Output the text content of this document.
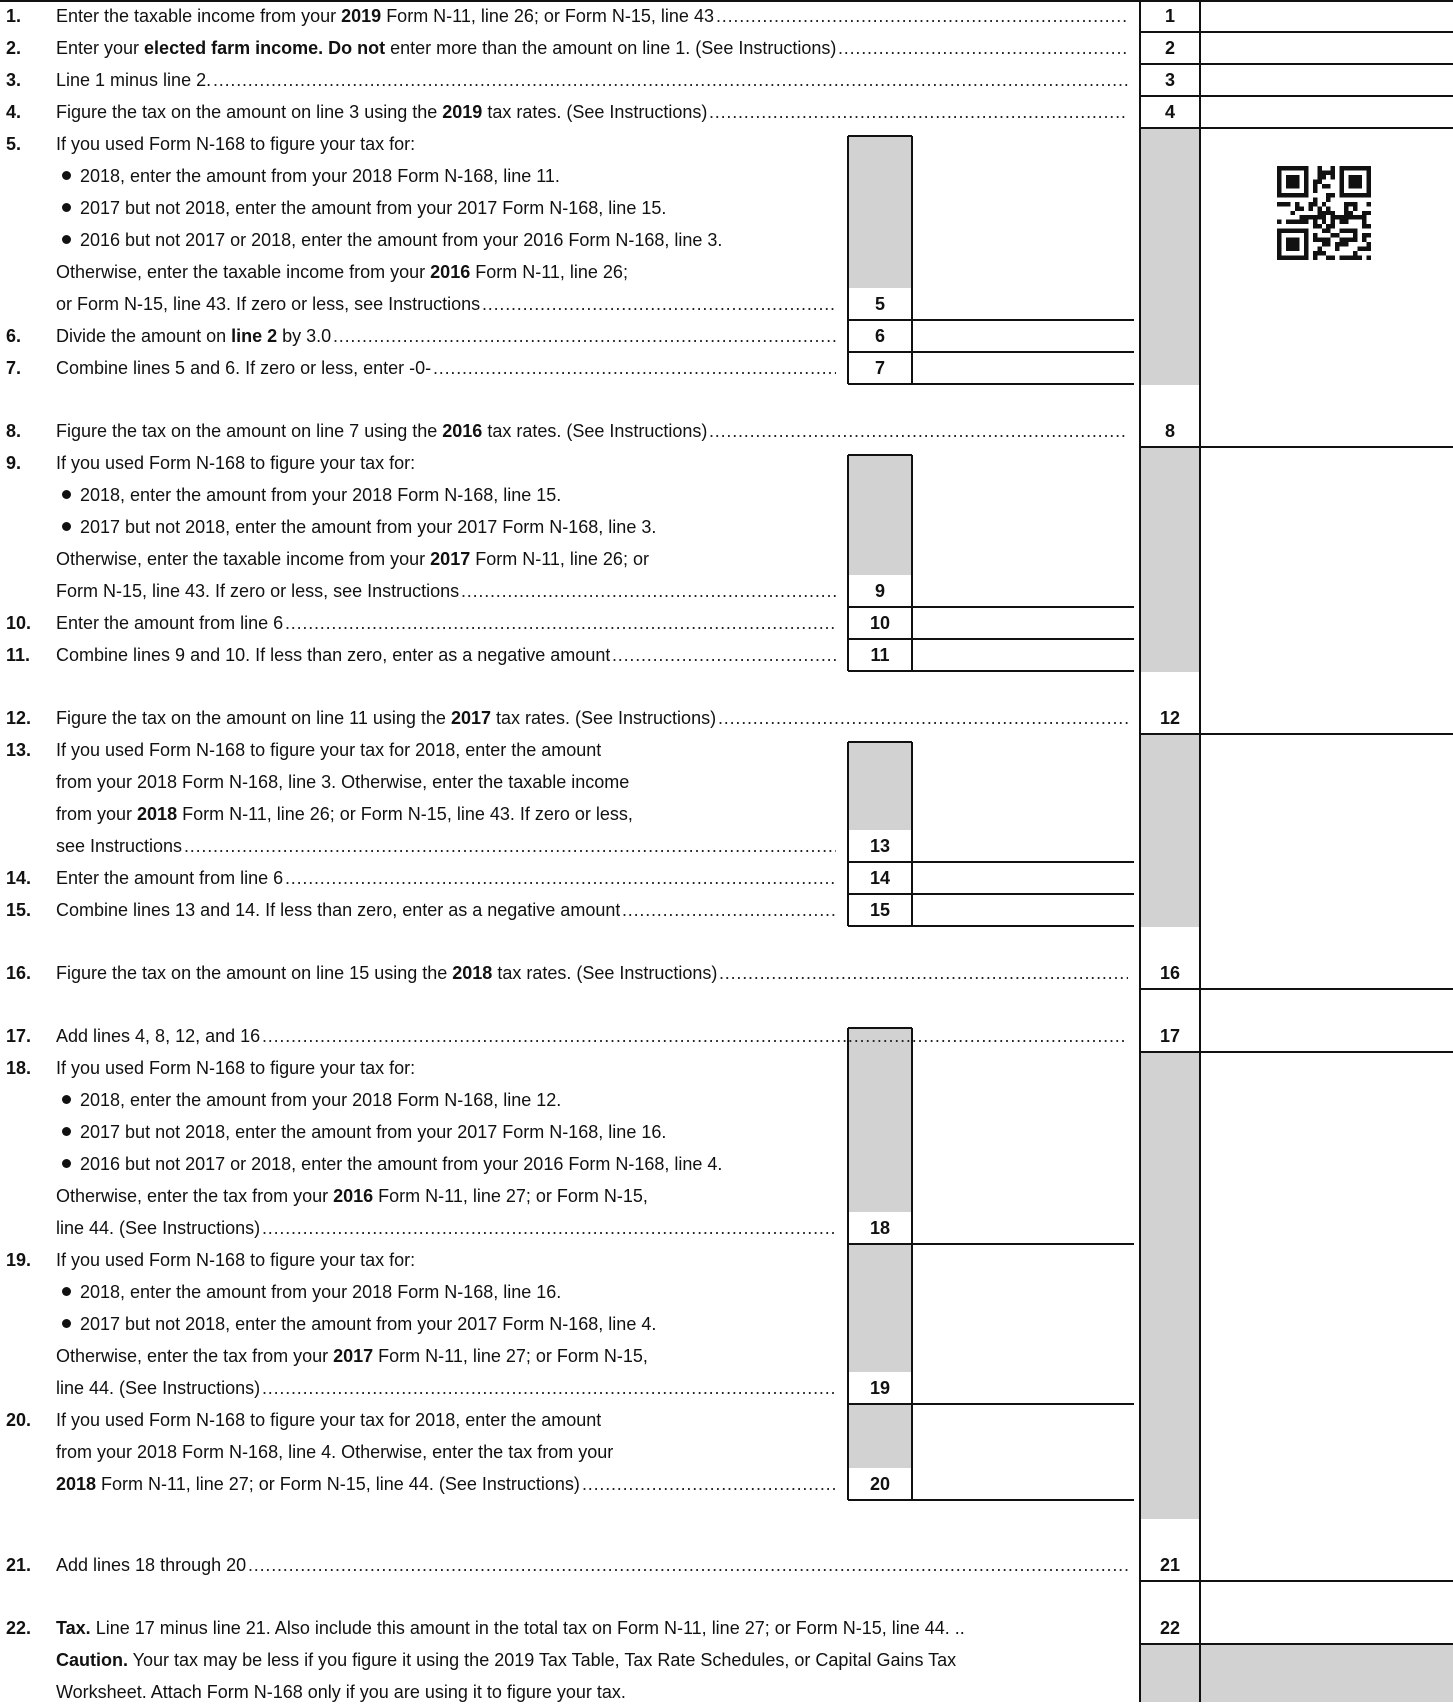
1. Enter the taxable income from your 2019 Form N-11, line 26; or Form N-15, line 43 .....	1
2. Enter your elected farm income. Do not enter more than the amount on line 1. (See Instructions) .....	2
3. Line 1 minus line 2. .....	3
4. Figure the tax on the amount on line 3 using the 2019 tax rates. (See Instructions) .....	4
5. If you used Form N-168 to figure your tax for:
2018, enter the amount from your 2018 Form N-168, line 11.
2017 but not 2018, enter the amount from your 2017 Form N-168, line 15.
2016 but not 2017 or 2018, enter the amount from your 2016 Form N-168, line 3.
Otherwise, enter the taxable income from your 2016 Form N-11, line 26;
or Form N-15, line 43. If zero or less, see Instructions .....	5
6. Divide the amount on line 2 by 3.0 .....	6
7. Combine lines 5 and 6. If zero or less, enter -0- .....	7
8. Figure the tax on the amount on line 7 using the 2016 tax rates. (See Instructions) .....	8
9. If you used Form N-168 to figure your tax for:
2018, enter the amount from your 2018 Form N-168, line 15.
2017 but not 2018, enter the amount from your 2017 Form N-168, line 3.
Otherwise, enter the taxable income from your 2017 Form N-11, line 26; or
Form N-15, line 43. If zero or less, see Instructions .....	9
10. Enter the amount from line 6 .....	10
11. Combine lines 9 and 10. If less than zero, enter as a negative amount .....	11
12. Figure the tax on the amount on line 11 using the 2017 tax rates. (See Instructions) .....	12
13. If you used Form N-168 to figure your tax for 2018, enter the amount
from your 2018 Form N-168, line 3. Otherwise, enter the taxable income
from your 2018 Form N-11, line 26; or Form N-15, line 43. If zero or less,
see Instructions .....	13
14. Enter the amount from line 6 .....	14
15. Combine lines 13 and 14. If less than zero, enter as a negative amount .....	15
16. Figure the tax on the amount on line 15 using the 2018 tax rates. (See Instructions) .....	16
17. Add lines 4, 8, 12, and 16 .....	17
18. If you used Form N-168 to figure your tax for:
2018, enter the amount from your 2018 Form N-168, line 12.
2017 but not 2018, enter the amount from your 2017 Form N-168, line 16.
2016 but not 2017 or 2018, enter the amount from your 2016 Form N-168, line 4.
Otherwise, enter the tax from your 2016 Form N-11, line 27; or Form N-15,
line 44. (See Instructions) .....	18
19. If you used Form N-168 to figure your tax for:
2018, enter the amount from your 2018 Form N-168, line 16.
2017 but not 2018, enter the amount from your 2017 Form N-168, line 4.
Otherwise, enter the tax from your 2017 Form N-11, line 27; or Form N-15,
line 44. (See Instructions) .....	19
20. If you used Form N-168 to figure your tax for 2018, enter the amount
from your 2018 Form N-168, line 4. Otherwise, enter the tax from your
2018 Form N-11, line 27; or Form N-15, line 44. (See Instructions) .....	20
21. Add lines 18 through 20 .....	21
22. Tax. Line 17 minus line 21. Also include this amount in the total tax on Form N-11, line 27; or Form N-15, line 44. ..	22
Caution. Your tax may be less if you figure it using the 2019 Tax Table, Tax Rate Schedules, or Capital Gains Tax
Worksheet. Attach Form N-168 only if you are using it to figure your tax.
